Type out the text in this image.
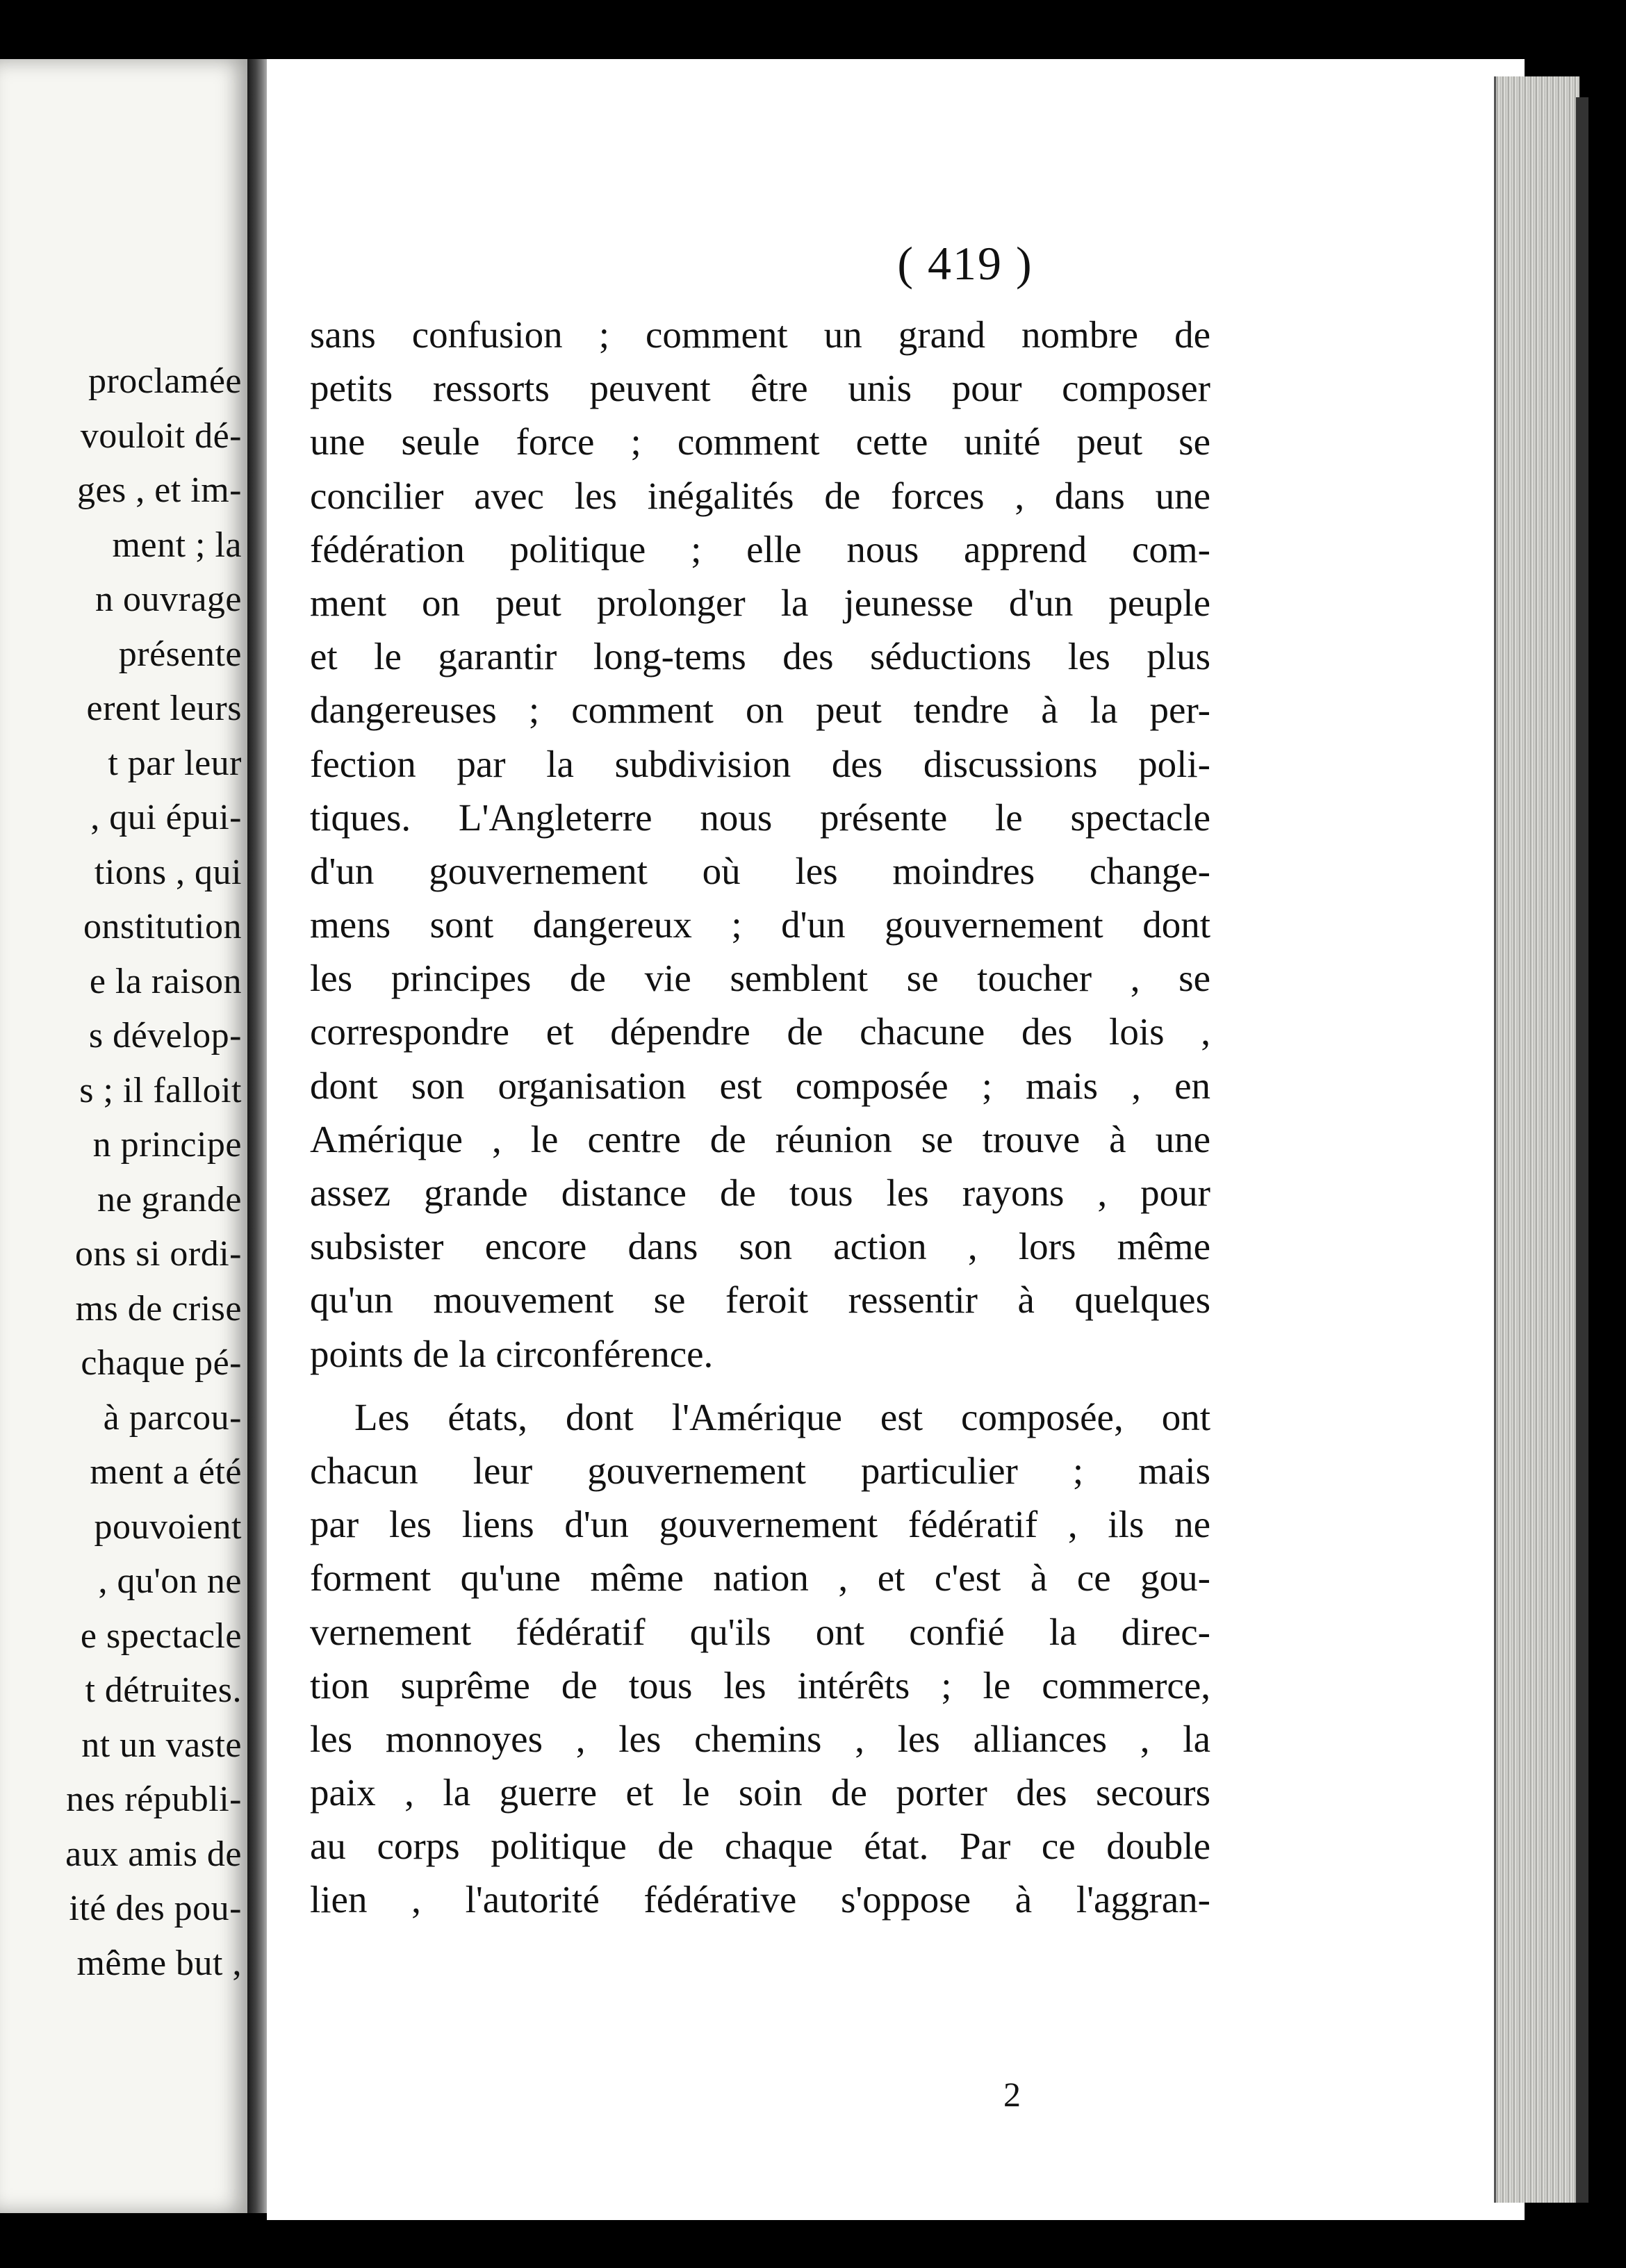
proclamée
vouloit dé-
ges , et im-
ment ; la
n ouvrage
présente
erent leurs
t par leur
, qui épui-
tions , qui
onstitution
e la raison
s dévelop-
s ; il falloit
n principe
ne grande
ons si ordi-
ms de crise
chaque pé-
à parcou-
ment a été
pouvoient
, qu'on ne
e spectacle
t détruites.
nt un vaste
nes républi-
aux amis de
ité des pou-
même but ,
( 419 )
sans confusion ; comment un grand nombre de
petits ressorts peuvent être unis pour composer
une seule force ; comment cette unité peut se
concilier avec les inégalités de forces , dans une
fédération politique ; elle nous apprend com-
ment on peut prolonger la jeunesse d'un peuple
et le garantir long-tems des séductions les plus
dangereuses ; comment on peut tendre à la per-
fection par la subdivision des discussions poli-
tiques. L'Angleterre nous présente le spectacle
d'un gouvernement où les moindres change-
mens sont dangereux ; d'un gouvernement dont
les principes de vie semblent se toucher , se
correspondre et dépendre de chacune des lois ,
dont son organisation est composée ; mais , en
Amérique , le centre de réunion se trouve à une
assez grande distance de tous les rayons , pour
subsister encore dans son action , lors même
qu'un mouvement se feroit ressentir à quelques
points de la circonférence.
Les états, dont l'Amérique est composée, ont
chacun leur gouvernement particulier ; mais
par les liens d'un gouvernement fédératif , ils ne
forment qu'une même nation , et c'est à ce gou-
vernement fédératif qu'ils ont confié la direc-
tion suprême de tous les intérêts ; le commerce,
les monnoyes , les chemins , les alliances , la
paix , la guerre et le soin de porter des secours
au corps politique de chaque état. Par ce double
lien , l'autorité fédérative s'oppose à l'aggran-
2
